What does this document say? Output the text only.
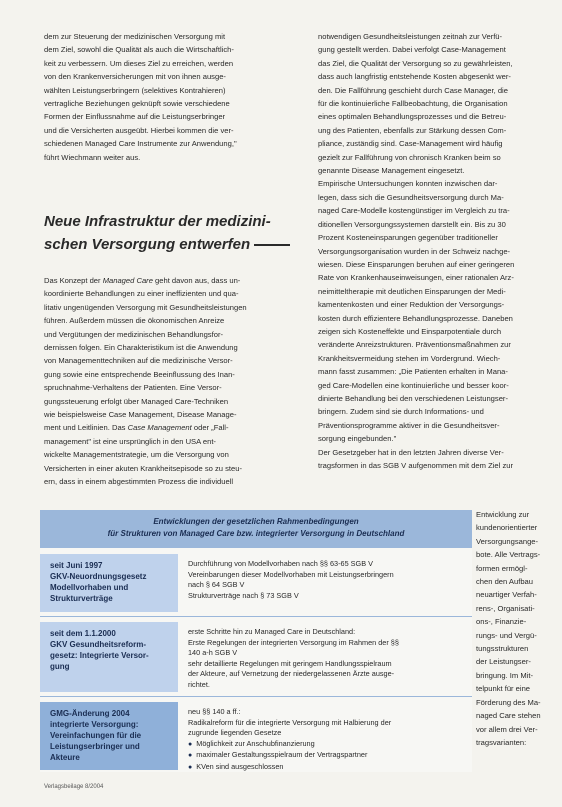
dem zur Steuerung der medizinischen Versorgung mit
dem Ziel, sowohl die Qualität als auch die Wirtschaftlich-
keit zu verbessern. Um dieses Ziel zu erreichen, werden
von den Krankenversicherungen mit von ihnen ausge-
wählten Leistungserbringern (selektives Kontrahieren)
vertragliche Beziehungen geknüpft sowie verschiedene
Formen der Einflussnahme auf die Leistungserbringer
und die Versicherten ausgeübt. Hierbei kommen die ver-
schiedenen Managed Care Instrumente zur Anwendung,"
führt Wiechmann weiter aus.
Neue Infrastruktur der medizini-
schen Versorgung entwerfen
Das Konzept der Managed Care geht davon aus, dass un-
koordinierte Behandlungen zu einer ineffizienten und qua-
litativ ungenügenden Versorgung mit Gesundheitsleistungen
führen. Außerdem müssen die ökonomischen Anreize
und Vergütungen der medizinischen Behandlungsfor-
dernissen folgen. Ein Charakteristikum ist die Anwendung
von Managementtechniken auf die medizinische Versor-
gung sowie eine entsprechende Beeinflussung des Inan-
spruchnahme-Verhaltens der Patienten. Eine Versor-
gungssteuerung erfolgt über Managed Care-Techniken
wie beispielsweise Case Management, Disease Manage-
ment und Leitlinien. Das Case Management oder „Fall-
management" ist eine ursprünglich in den USA ent-
wickelte Managementstrategie, um die Versorgung von
Versicherten in einer akuten Krankheitsepisode so zu steu-
ern, dass in einem abgestimmten Prozess die individuell
notwendigen Gesundheitsleistungen zeitnah zur Verfü-
gung gestellt werden. Dabei verfolgt Case-Management
das Ziel, die Qualität der Versorgung so zu gewährleisten,
dass auch langfristig entstehende Kosten abgesenkt wer-
den. Die Fallführung geschieht durch Case Manager, die
für die kontinuierliche Fallbeobachtung, die Organisation
eines optimalen Behandlungsprozesses und die Betreu-
ung des Patienten, ebenfalls zur Stärkung dessen Com-
pliance, zuständig sind. Case-Management wird häufig
gezielt zur Fallführung von chronisch Kranken beim so
genannte Disease Management eingesetzt.
Empirische Untersuchungen konnten inzwischen dar-
legen, dass sich die Gesundheitsversorgung durch Ma-
naged Care-Modelle kostengünstiger im Vergleich zu tra-
ditionellen Versorgungssystemen darstellt ein. Bis zu 30
Prozent Kosteneinsparungen gegenüber traditioneller
Versorgungsorganisation wurden in der Schweiz nachge-
wiesen. Diese Einsparungen beruhen auf einer geringeren
Rate von Krankenhauseinweisungen, einer rationalen Arz-
neimitteltherapie mit deutlichen Einsparungen der Medi-
kamentenkosten und einer Reduktion der Versorgungs-
kosten durch effizientere Behandlungsprozesse. Daneben
zeigen sich Kosteneffekte und Einsparpotentiale durch
veränderte Anreizstrukturen. Präventionsmaßnahmen zur
Krankheitsvermeidung stehen im Vordergrund. Wiech-
mann fasst zusammen: „Die Patienten erhalten in Mana-
ged Care-Modellen eine kontinuierliche und besser koor-
dinierte Behandlung bei den verschiedenen Leistungser-
bringern. Zudem sind sie durch Informations- und
Präventionsprogramme aktiver in die Gesundheitsver-
sorgung eingebunden."
Der Gesetzgeber hat in den letzten Jahren diverse Ver-
tragsformen in das SGB V aufgenommen mit dem Ziel zur
Entwicklung zur
kundenorientierter
Versorgungsange-
bote. Alle Vertrags-
formen ermögl-
chen den Aufbau
neuartiger Verfah-
rens-, Organisati-
ons-, Finanzie-
rungs- und Vergü-
tungsstrukturen
der Leistungser-
bringung. Im Mit-
telpunkt für eine
Förderung des Ma-
naged Care stehen
vor allem drei Ver-
tragsvarianten:
Entwicklungen der gesetzlichen Rahmenbedingungen
für Strukturen von Managed Care bzw. integrierter Versorgung in Deutschland
seit Juni 1997
GKV-Neuordnungsgesetz
Modellvorhaben und
Strukturverträge
Durchführung von Modellvorhaben nach §§ 63-65 SGB V
Vereinbarungen dieser Modellvorhaben mit Leistungserbringern
nach § 64 SGB V
Strukturverträge nach § 73 SGB V
seit dem 1.1.2000
GKV Gesundheitsreform-
gesetz: Integrierte Versor-
gung
erste Schritte hin zu Managed Care in Deutschland:
Erste Regelungen der integrierten Versorgung im Rahmen der §§
140 a-h SGB V
sehr detaillierte Regelungen mit geringem Handlungsspielraum
der Akteure, auf Vernetzung der niedergelassenen Ärzte ausge-
richtet.
GMG-Änderung 2004
integrierte Versorgung:
Vereinfachungen für die
Leistungserbringer und
Akteure
neu §§ 140 a ff.:
Radikalreform für die integrierte Versorgung mit Halbierung der
zugrunde liegenden Gesetze
● Möglichkeit zur Anschubfinanzierung
● maximaler Gestaltungsspielraum der Vertragspartner
● KVen sind ausgeschlossen
Verlagsbeilage 8/2004
